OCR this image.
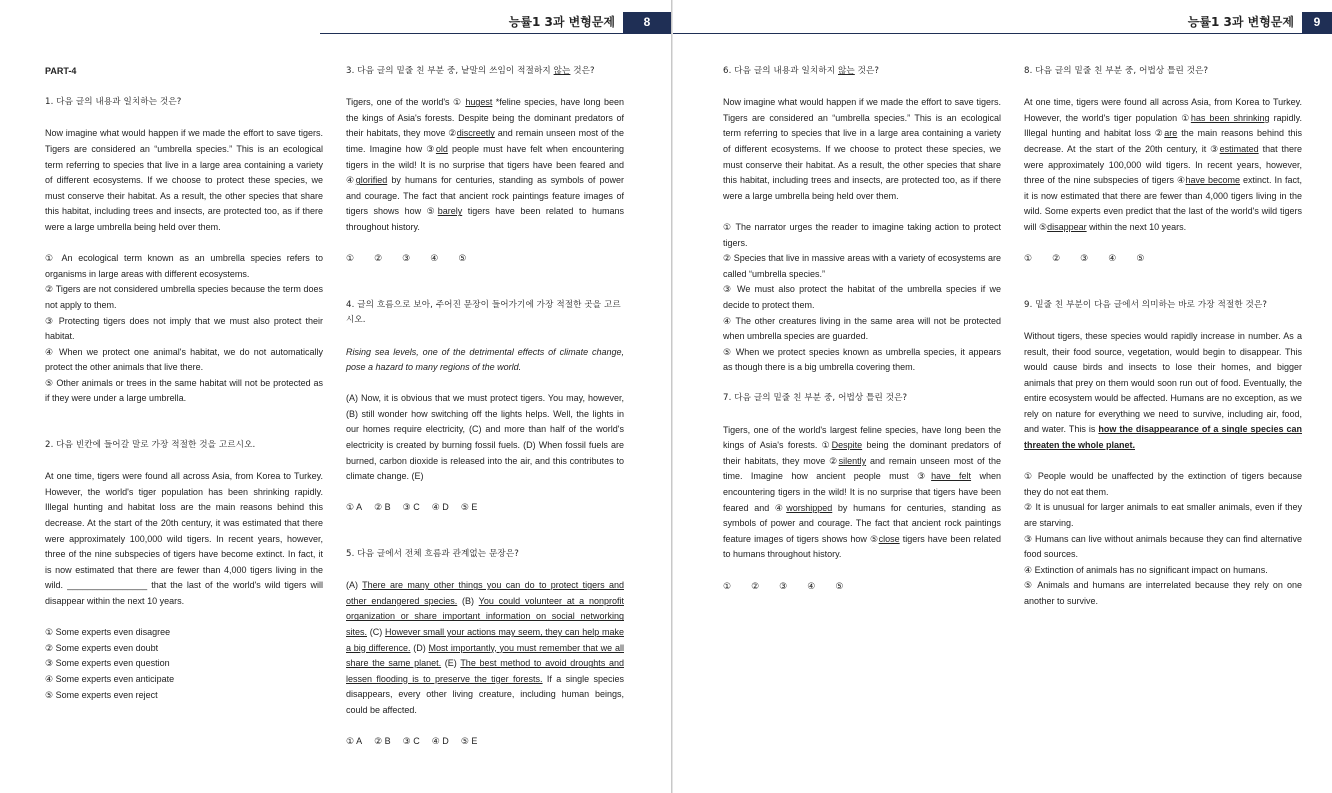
능률1 3과 변형문제	8
PART-4
1. 다음 글의 내용과 일치하는 것은?
Now imagine what would happen if we made the effort to save tigers. Tigers are considered an “umbrella species.” This is an ecological term referring to species that live in a large area containing a variety of different ecosystems. If we choose to protect these species, we must conserve their habitat. As a result, the other species that share this habitat, including trees and insects, are protected too, as if there were a large umbrella being held over them.
① An ecological term known as an umbrella species refers to organisms in large areas with different ecosystems.
② Tigers are not considered umbrella species because the term does not apply to them.
③ Protecting tigers does not imply that we must also protect their habitat.
④ When we protect one animal's habitat, we do not automatically protect the other animals that live there.
⑤ Other animals or trees in the same habitat will not be protected as if they were under a large umbrella.
2. 다음 빈칸에 들어갈 말로 가장 적절한 것을 고르시오.
At one time, tigers were found all across Asia, from Korea to Turkey. However, the world's tiger population has been shrinking rapidly. Illegal hunting and habitat loss are the main reasons behind this decrease. At the start of the 20th century, it was estimated that there were approximately 100,000 wild tigers. In recent years, however, three of the nine subspecies of tigers have become extinct. In fact, it is now estimated that there are fewer than 4,000 tigers living in the wild. ________________ that the last of the world's wild tigers will disappear within the next 10 years.
① Some experts even disagree
② Some experts even doubt
③ Some experts even question
④ Some experts even anticipate
⑤ Some experts even reject
3. 다음 글의 밑줄 친 부분 중, 낱말의 쓰임이 적절하지 않는 것은?
Tigers, one of the world's ① hugest *feline species, have long been the kings of Asia's forests. Despite being the dominant predators of their habitats, they move ②discreetly and remain unseen most of the time. Imagine how ③old people must have felt when encountering tigers in the wild! It is no surprise that tigers have been feared and ④glorified by humans for centuries, standing as symbols of power and courage. The fact that ancient rock paintings feature images of tigers shows how ⑤barely tigers have been related to humans throughout history.
① ② ③ ④ ⑤
4. 글의 흐름으로 보아, 주어진 문장이 들어가기에 가장 적절한 곳을 고르시오.
Rising sea levels, one of the detrimental effects of climate change, pose a hazard to many regions of the world.
(A) Now, it is obvious that we must protect tigers. You may, however, (B) still wonder how switching off the lights helps. Well, the lights in our homes require electricity, (C) and more than half of the world's electricity is created by burning fossil fuels. (D) When fossil fuels are burned, carbon dioxide is released into the air, and this contributes to climate change. (E)
① A ② B ③ C ④ D ⑤ E
5. 다음 글에서 전체 흐름과 관계없는 문장은?
(A) There are many other things you can do to protect tigers and other endangered species. (B) You could volunteer at a nonprofit organization or share important information on social networking sites. (C) However small your actions may seem, they can help make a big difference. (D) Most importantly, you must remember that we all share the same planet. (E) The best method to avoid droughts and lessen flooding is to preserve the tiger forests. If a single species disappears, every other living creature, including human beings, could be affected.
① A ② B ③ C ④ D ⑤ E
능률1 3과 변형문제	9
6. 다음 글의 내용과 일치하지 않는 것은?
Now imagine what would happen if we made the effort to save tigers. Tigers are considered an “umbrella species.” This is an ecological term referring to species that live in a large area containing a variety of different ecosystems. If we choose to protect these species, we must conserve their habitat. As a result, the other species that share this habitat, including trees and insects, are protected too, as if there were a large umbrella being held over them.
① The narrator urges the reader to imagine taking action to protect tigers.
② Species that live in massive areas with a variety of ecosystems are called “umbrella species.”
③ We must also protect the habitat of the umbrella species if we decide to protect them.
④ The other creatures living in the same area will not be protected when umbrella species are guarded.
⑤ When we protect species known as umbrella species, it appears as though there is a big umbrella covering them.
7. 다음 글의 밑줄 친 부분 중, 어법상 틀린 것은?
Tigers, one of the world's largest feline species, have long been the kings of Asia's forests. ①Despite being the dominant predators of their habitats, they move ②silently and remain unseen most of the time. Imagine how ancient people must ③have felt when encountering tigers in the wild! It is no surprise that tigers have been feared and ④worshipped by humans for centuries, standing as symbols of power and courage. The fact that ancient rock paintings feature images of tigers shows how ⑤close tigers have been related to humans throughout history.
① ② ③ ④ ⑤
8. 다음 글의 밑줄 친 부분 중, 어법상 틀린 것은?
At one time, tigers were found all across Asia, from Korea to Turkey. However, the world's tiger population ①has been shrinking rapidly. Illegal hunting and habitat loss ②are the main reasons behind this decrease. At the start of the 20th century, it ③estimated that there were approximately 100,000 wild tigers. In recent years, however, three of the nine subspecies of tigers ④have become extinct. In fact, it is now estimated that there are fewer than 4,000 tigers living in the wild. Some experts even predict that the last of the world's wild tigers will ⑤disappear within the next 10 years.
① ② ③ ④ ⑤
9. 밑줄 친 부분이 다음 글에서 의미하는 바로 가장 적절한 것은?
Without tigers, these species would rapidly increase in number. As a result, their food source, vegetation, would begin to disappear. This would cause birds and insects to lose their homes, and bigger animals that prey on them would soon run out of food. Eventually, the entire ecosystem would be affected. Humans are no exception, as we rely on nature for everything we need to survive, including air, food, and water. This is how the disappearance of a single species can threaten the whole planet.
① People would be unaffected by the extinction of tigers because they do not eat them.
② It is unusual for larger animals to eat smaller animals, even if they are starving.
③ Humans can live without animals because they can find alternative food sources.
④ Extinction of animals has no significant impact on humans.
⑤ Animals and humans are interrelated because they rely on one another to survive.
